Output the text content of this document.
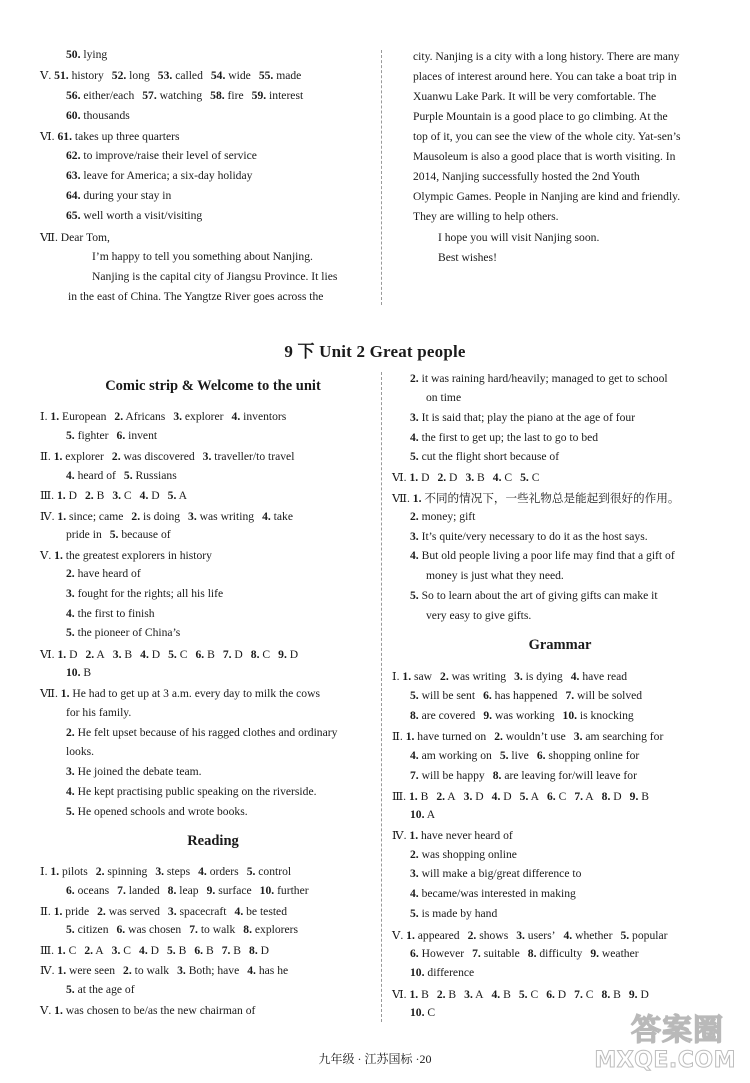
50. lying
Ⅴ. 51. history 52. long 53. called 54. wide 55. made
56. either/each 57. watching 58. fire 59. interest
60. thousands
Ⅵ. 61. takes up three quarters
62. to improve/raise their level of service
63. leave for America; a six-day holiday
64. during your stay in
65. well worth a visit/visiting
Ⅶ. Dear Tom,
I’m happy to tell you something about Nanjing.
Nanjing is the capital city of Jiangsu Province. It lies
in the east of China. The Yangtze River goes across the
city. Nanjing is a city with a long history. There are many
places of interest around here. You can take a boat trip in
Xuanwu Lake Park. It will be very comfortable. The
Purple Mountain is a good place to go climbing. At the
top of it, you can see the view of the whole city. Yat-sen’s
Mausoleum is also a good place that is worth visiting. In
2014, Nanjing successfully hosted the 2nd Youth
Olympic Games. People in Nanjing are kind and friendly.
They are willing to help others.
I hope you will visit Nanjing soon.
Best wishes!
9 下 Unit 2 Great people
Comic strip & Welcome to the unit
Reading
Grammar
Ⅰ. 1. European 2. Africans 3. explorer 4. inventors
5. fighter 6. invent
Ⅱ. 1. explorer 2. was discovered 3. traveller/to travel
4. heard of 5. Russians
Ⅲ. 1. D 2. B 3. C 4. D 5. A
Ⅳ. 1. since; came 2. is doing 3. was writing 4. take
pride in 5. because of
Ⅴ. 1. the greatest explorers in history
2. have heard of
3. fought for the rights; all his life
4. the first to finish
5. the pioneer of China’s
Ⅵ. 1. D 2. A 3. B 4. D 5. C 6. B 7. D 8. C 9. D
10. B
Ⅶ. 1. He had to get up at 3 a.m. every day to milk the cows
for his family.
2. He felt upset because of his ragged clothes and ordinary
looks.
3. He joined the debate team.
4. He kept practising public speaking on the riverside.
5. He opened schools and wrote books.
Ⅰ. 1. pilots 2. spinning 3. steps 4. orders 5. control
6. oceans 7. landed 8. leap 9. surface 10. further
Ⅱ. 1. pride 2. was served 3. spacecraft 4. be tested
5. citizen 6. was chosen 7. to walk 8. explorers
Ⅲ. 1. C 2. A 3. C 4. D 5. B 6. B 7. B 8. D
Ⅳ. 1. were seen 2. to walk 3. Both; have 4. has he
5. at the age of
Ⅴ. 1. was chosen to be/as the new chairman of
2. it was raining hard/heavily; managed to get to school
on time
3. It is said that; play the piano at the age of four
4. the first to get up; the last to go to bed
5. cut the flight short because of
Ⅵ. 1. D 2. D 3. B 4. C 5. C
Ⅶ. 1. 不同的情况下，一些礼物总是能起到很好的作用。
2. money; gift
3. It’s quite/very necessary to do it as the host says.
4. But old people living a poor life may find that a gift of
money is just what they need.
5. So to learn about the art of giving gifts can make it
very easy to give gifts.
Ⅰ. 1. saw 2. was writing 3. is dying 4. have read
5. will be sent 6. has happened 7. will be solved
8. are covered 9. was working 10. is knocking
Ⅱ. 1. have turned on 2. wouldn’t use 3. am searching for
4. am working on 5. live 6. shopping online for
7. will be happy 8. are leaving for/will leave for
Ⅲ. 1. B 2. A 3. D 4. D 5. A 6. C 7. A 8. D 9. B
10. A
Ⅳ. 1. have never heard of
2. was shopping online
3. will make a big/great difference to
4. became/was interested in making
5. is made by hand
Ⅴ. 1. appeared 2. shows 3. users’ 4. whether 5. popular
6. However 7. suitable 8. difficulty 9. weather
10. difference
Ⅵ. 1. B 2. B 3. A 4. B 5. C 6. D 7. C 8. B 9. D
10. C
九年级 · 江苏国标 ·20
答案圈
MXQE.COM
